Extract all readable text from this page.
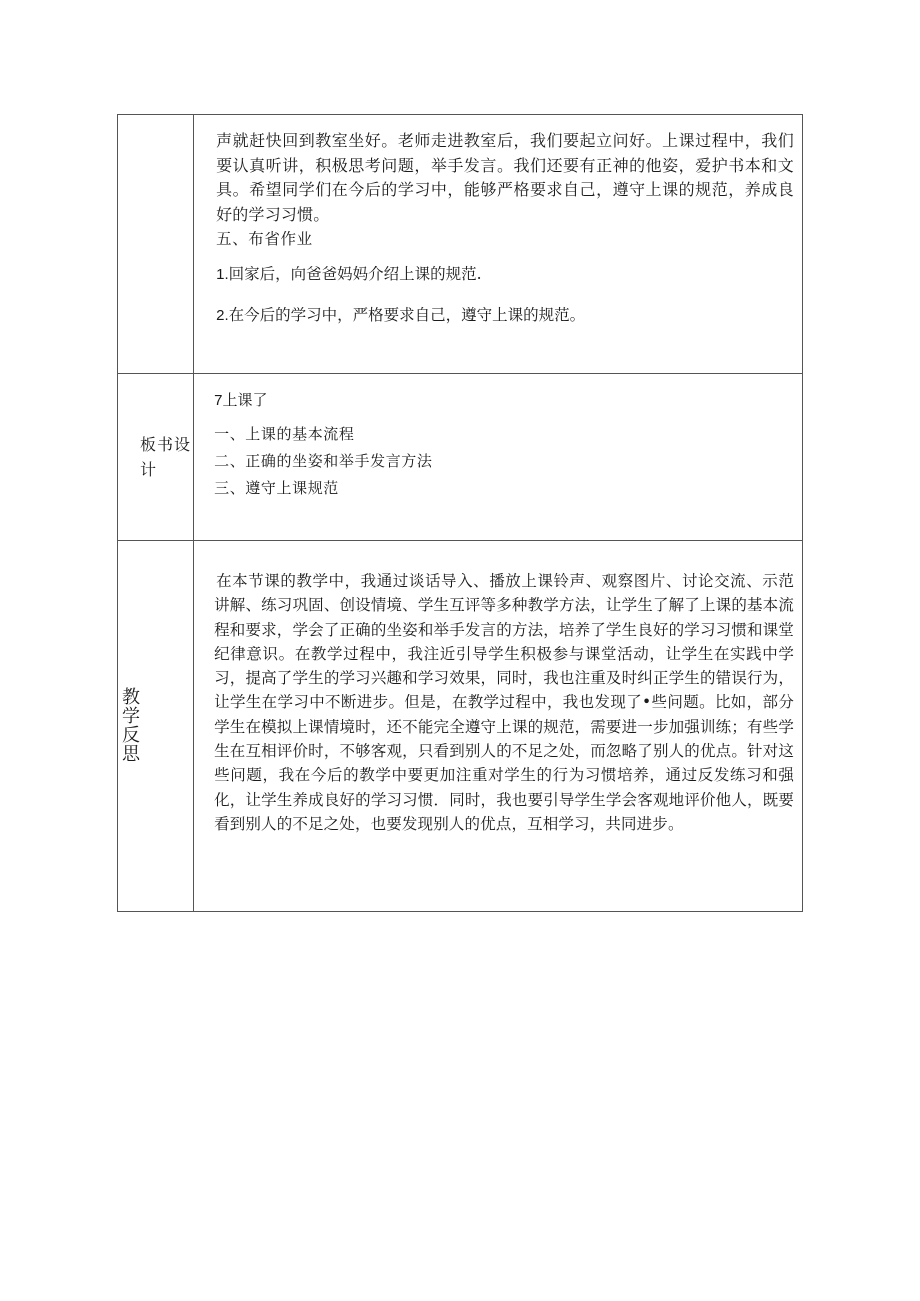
	声就赶快回到教室坐好。老师走进教室后，我们要起立问好。上课过程中，我们要认真听讲，积极思考问题，举手发言。我们还要有正神的他姿，爱护书本和文具。希望同学们在今后的学习中，能够严格要求自己，遵守上课的规范，养成良好的学习习惯。

五、布省作业

1.回家后，向爸爸妈妈介绍上课的规范.

2.在今后的学习中，严格要求自己，遵守上课的规范。

板书设计	7上课了

一、上课的基本流程

二、正确的坐姿和举手发言方法

三、遵守上课规范

教学反思	在本节课的教学中，我通过谈话导入、播放上课铃声、观察图片、讨论交流、示范讲解、练习巩固、创设情境、学生互评等多种教学方法，让学生了解了上课的基本流程和要求，学会了正确的坐姿和举手发言的方法，培养了学生良好的学习习惯和课堂纪律意识。在教学过程中，我注近引导学生积极参与课堂活动，让学生在实践中学习，提高了学生的学习兴趣和学习效果，同时，我也注重及时纠正学生的错误行为，让学生在学习中不断进步。但是，在教学过程中，我也发现了•些问题。比如，部分学生在模拟上课情境时，还不能完全遵守上课的规范，需要进一步加强训练；有些学生在互相评价时，不够客观，只看到别人的不足之处，而忽略了别人的优点。针对这些问题，我在今后的教学中要更加注重对学生的行为习惯培养，通过反发练习和强化，让学生养成良好的学习习惯．同时，我也要引导学生学会客观地评价他人，既要看到别人的不足之处，也要发现别人的优点，互相学习，共同进步。
